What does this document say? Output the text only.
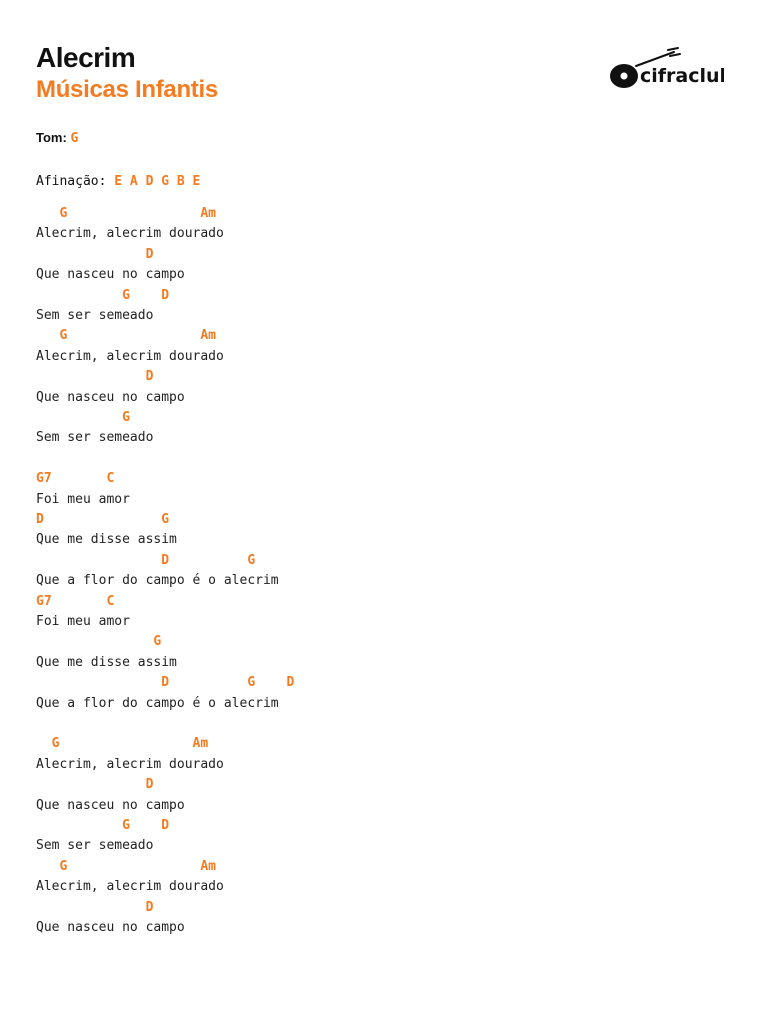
Alecrim
Músicas Infantis	cifraclub
Tom: G
Afinação: E A D G B E
G                 Am
Alecrim, alecrim dourado
D
Que nasceu no campo
G    D
Sem ser semeado
G                 Am
Alecrim, alecrim dourado
D
Que nasceu no campo
G
Sem ser semeado
G7       C
Foi meu amor
D               G
Que me disse assim
D          G
Que a flor do campo é o alecrim
G7       C
Foi meu amor
G
Que me disse assim
D          G    D
Que a flor do campo é o alecrim
G                 Am
Alecrim, alecrim dourado
D
Que nasceu no campo
G    D
Sem ser semeado
G                 Am
Alecrim, alecrim dourado
D
Que nasceu no campo
